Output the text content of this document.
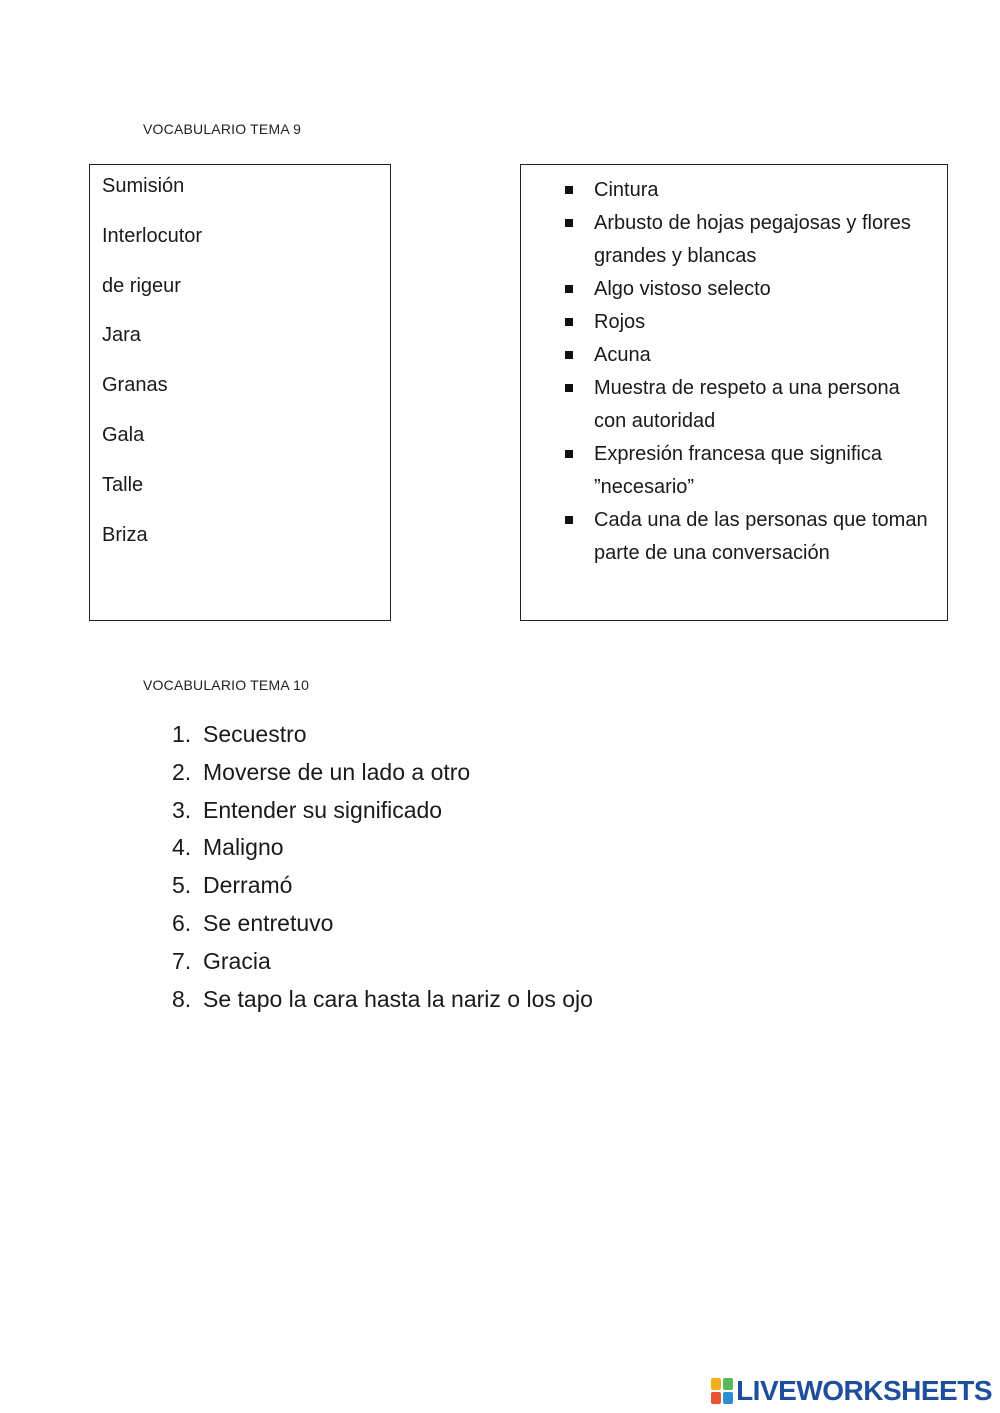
VOCABULARIO TEMA 9
Sumisión
Interlocutor
de rigeur
Jara
Granas
Gala
Talle
Briza
Cintura
Arbusto de hojas pegajosas y flores grandes y blancas
Algo vistoso selecto
Rojos
Acuna
Muestra de respeto a una persona con autoridad
Expresión francesa que significa ”necesario”
Cada una de las personas que toman parte de una conversación
VOCABULARIO TEMA 10
1. Secuestro
2. Moverse de un lado a otro
3. Entender su significado
4. Maligno
5. Derramó
6. Se entretuvo
7. Gracia
8. Se tapo la cara hasta la nariz o los ojo
LIVEWORKSHEETS
